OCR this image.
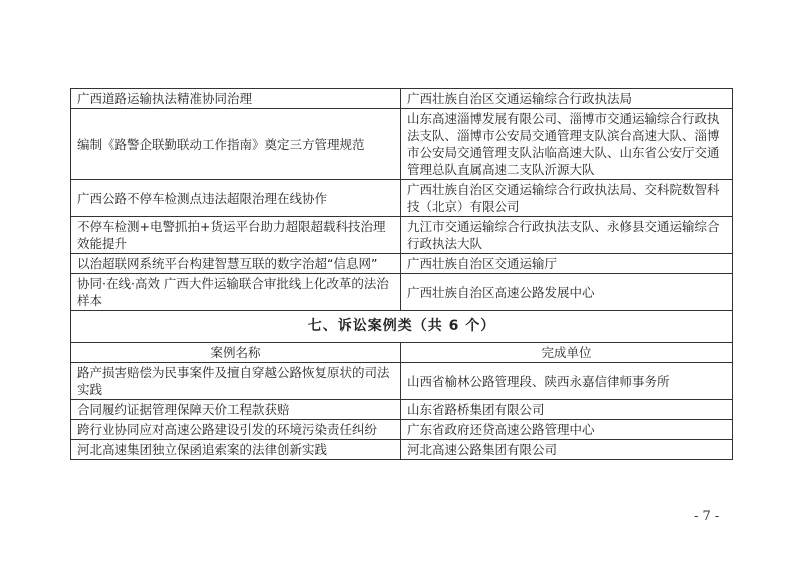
广西道路运输执法精准协同治理	广西壮族自治区交通运输综合行政执法局
编制《路警企联勤联动工作指南》奠定三方管理规范	山东高速淄博发展有限公司、淄博市交通运输综合行政执法支队、淄博市公安局交通管理支队滨台高速大队、淄博市公安局交通管理支队沾临高速大队、山东省公安厅交通管理总队直属高速二支队沂源大队
广西公路不停车检测点违法超限治理在线协作	广西壮族自治区交通运输综合行政执法局、交科院数智科技（北京）有限公司
不停车检测+电警抓拍+货运平台助力超限超载科技治理效能提升	九江市交通运输综合行政执法支队、永修县交通运输综合行政执法大队
以治超联网系统平台构建智慧互联的数字治超“信息网”	广西壮族自治区交通运输厅
协同·在线·高效 广西大件运输联合审批线上化改革的法治样本	广西壮族自治区高速公路发展中心
七、诉讼案例类（共 6 个）	
案例名称	完成单位
路产损害赔偿为民事案件及擅自穿越公路恢复原状的司法实践	山西省榆林公路管理段、陕西永嘉信律师事务所
合同履约证据管理保障天价工程款获赔	山东省路桥集团有限公司
跨行业协同应对高速公路建设引发的环境污染责任纠纷	广东省政府还贷高速公路管理中心
河北高速集团独立保函追索案的法律创新实践	河北高速公路集团有限公司
- 7 -
